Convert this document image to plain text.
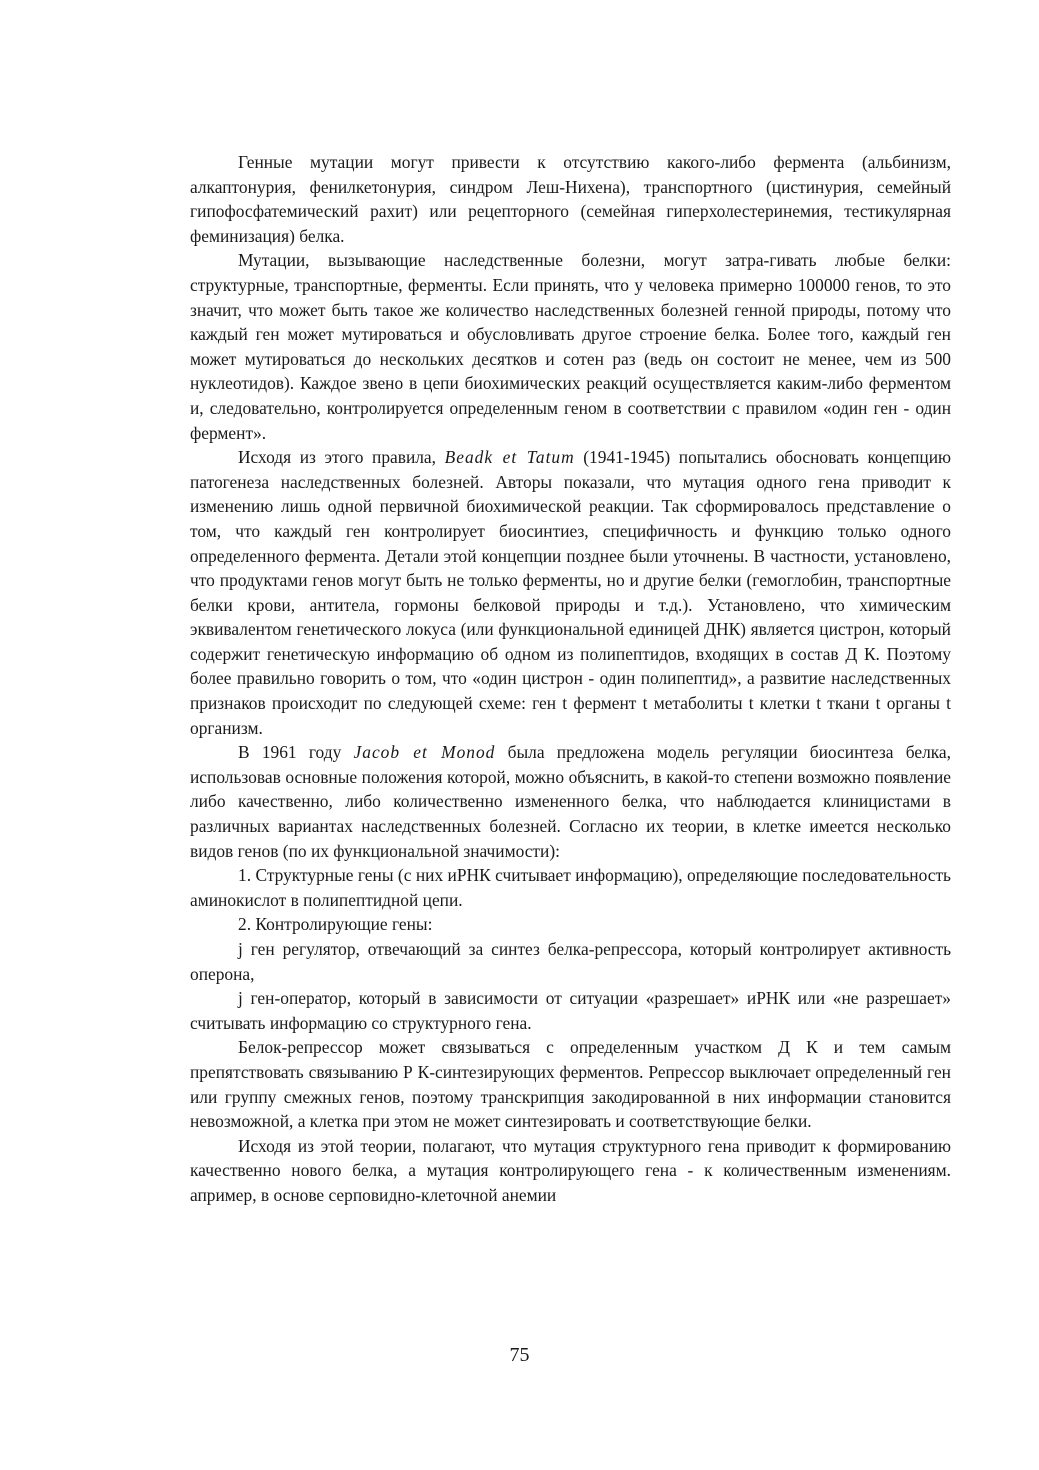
Генные мутации могут привести к отсутствию какого-либо фермента (альбинизм, алкаптонурия, фенилкетонурия, синдром Леш-Нихена), транспортного (цистинурия, семейный гипофосфатемический рахит) или рецепторного (семейная гиперхолестеринемия, тестикулярная феминизация) белка.

Мутации, вызывающие наследственные болезни, могут затра-гивать любые белки: структурные, транспортные, ферменты. Если принять, что у человека примерно 100000 генов, то это значит, что может быть такое же количество наследственных болезней генной природы, потому что каждый ген может мутироваться и обусловливать другое строение белка. Более того, каждый ген может мутироваться до нескольких десятков и сотен раз (ведь он состоит не менее, чем из 500 нуклеотидов). Каждое звено в цепи биохимических реакций осуществляется каким-либо ферментом и, следовательно, контролируется определенным геном в соответствии с правилом «один ген - один фермент».

Исходя из этого правила, Beadk et Tatum (1941-1945) попытались обосновать концепцию патогенеза наследственных болезней. Авторы показали, что мутация одного гена приводит к изменению лишь одной первичной биохимической реакции. Так сформировалось представление о том, что каждый ген контролирует биосинтиез, специфичность и функцию только одного определенного фермента. Детали этой концепции позднее были уточнены. В частности, установлено, что продуктами генов могут быть не только ферменты, но и другие белки (гемоглобин, транспортные белки крови, антитела, гормоны белковой природы и т.д.). Установлено, что химическим эквивалентом генетического локуса (или функциональной единицей ДНК) является цистрон, который содержит генетическую информацию об одном из полипептидов, входящих в состав Д К. Поэтому более правильно говорить о том, что «один цистрон - один полипептид», а развитие наследственных признаков происходит по следующей схеме: ген t фермент t метаболиты t клетки t ткани t органы t организм.

В 1961 году Jacob et Monod была предложена модель регуляции биосинтеза белка, использовав основные положения которой, можно объяснить, в какой-то степени возможно появление либо качественно, либо количественно измененного белка, что наблюдается клиницистами в различных вариантах наследственных болезней. Согласно их теории, в клетке имеется несколько видов генов (по их функциональной значимости):

1. Структурные гены (с них иРНК считывает информацию), определяющие последовательность аминокислот в полипептидной цепи.

2. Контролирующие гены:

j ген регулятор, отвечающий за синтез белка-репрессора, который контролирует активность оперона,

j ген-оператор, который в зависимости от ситуации «разрешает» иРНК или «не разрешает» считывать информацию со структурного гена.

Белок-репрессор может связываться с определенным участком Д К и тем самым препятствовать связыванию Р К-синтезирующих ферментов. Репрессор выключает определенный ген или группу смежных генов, поэтому транскрипция закодированной в них информации становится невозможной, а клетка при этом не может синтезировать и соответствующие белки.

Исходя из этой теории, полагают, что мутация структурного гена приводит к формированию качественно нового белка, а мутация контролирующего гена - к количественным изменениям. апример, в основе серповидно-клеточной анемии

75
